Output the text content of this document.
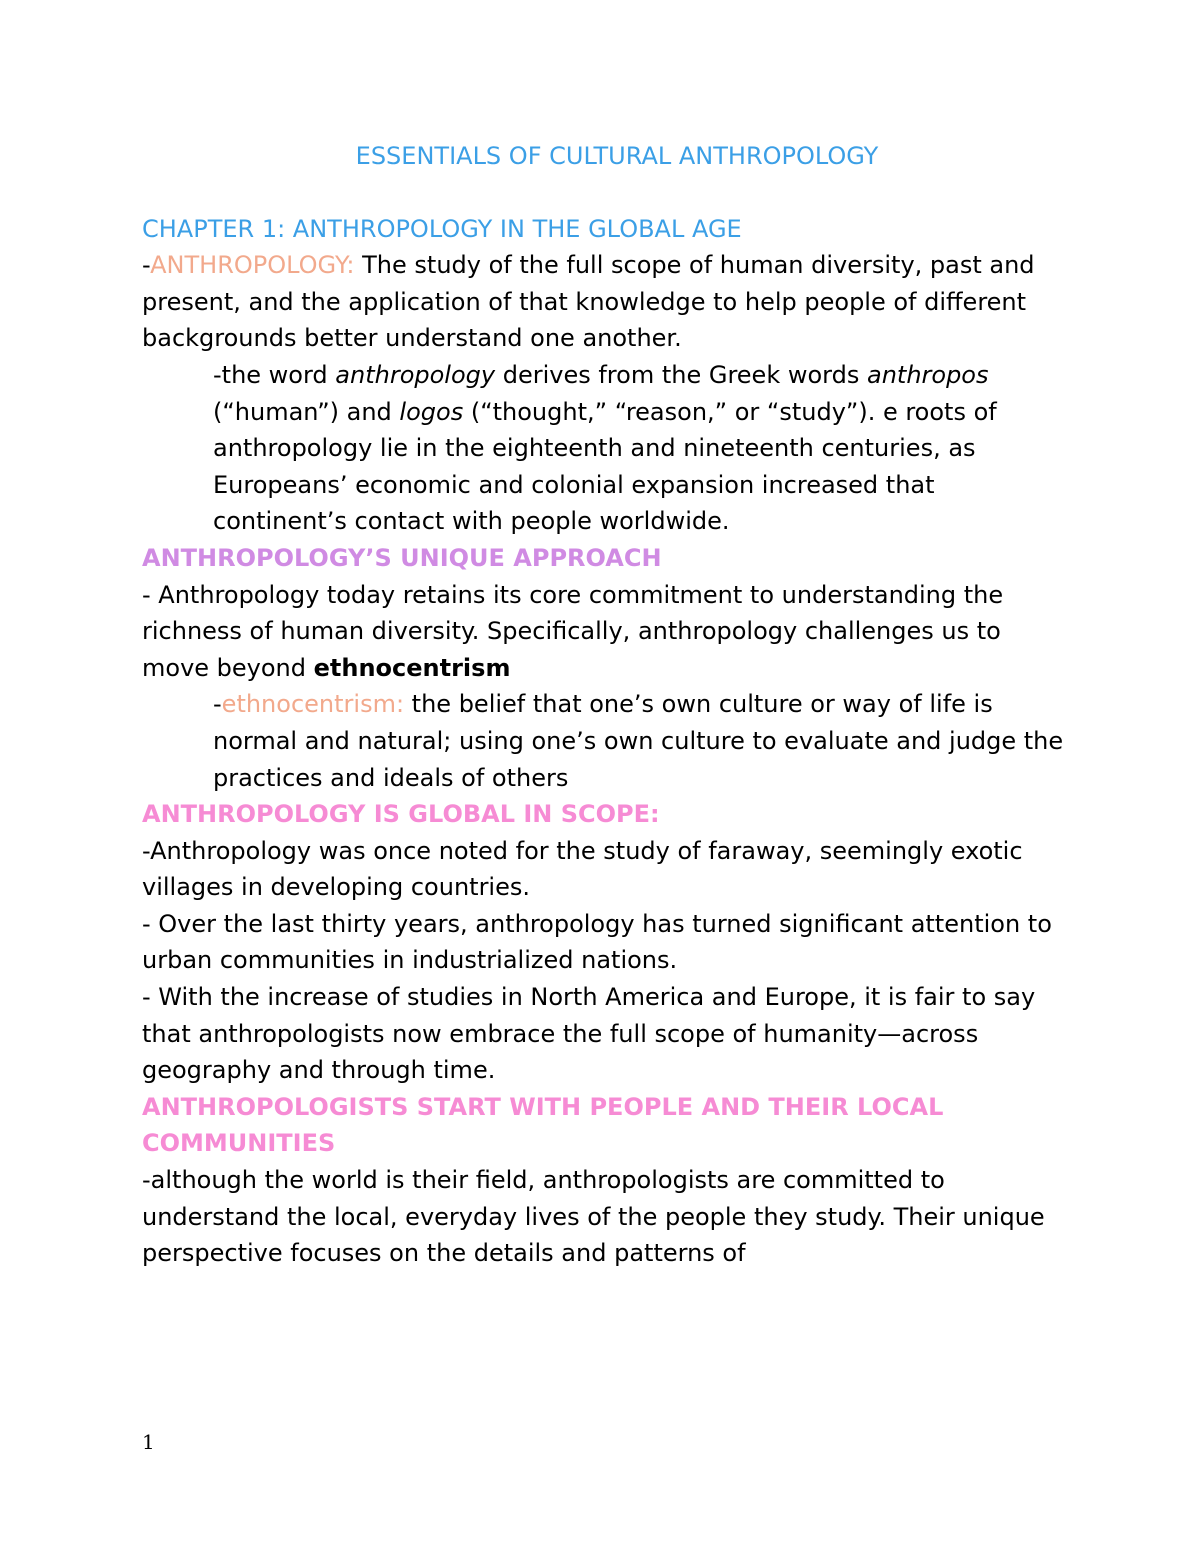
ESSENTIALS OF CULTURAL ANTHROPOLOGY

CHAPTER 1: ANTHROPOLOGY IN THE GLOBAL AGE

-ANTHROPOLOGY: The study of the full scope of human diversity, past and present, and the application of that knowledge to help people of different backgrounds better understand one another.

-the word anthropology derives from the Greek words anthropos (“human”) and logos (“thought,” “reason,” or “study”). e roots of anthropology lie in the eighteenth and nineteenth centuries, as Europeans’ economic and colonial expansion increased that continent’s contact with people worldwide.

ANTHROPOLOGY’S UNIQUE APPROACH

- Anthropology today retains its core commitment to understanding the richness of human diversity. Specifically, anthropology challenges us to move beyond ethnocentrism

-ethnocentrism: the belief that one’s own culture or way of life is normal and natural; using one’s own culture to evaluate and judge the practices and ideals of others

ANTHROPOLOGY IS GLOBAL IN SCOPE:

-Anthropology was once noted for the study of faraway, seemingly exotic villages in developing countries.

- Over the last thirty years, anthropology has turned significant attention to urban communities in industrialized nations.

- With the increase of studies in North America and Europe, it is fair to say that anthropologists now embrace the full scope of humanity—across geography and through time.

ANTHROPOLOGISTS START WITH PEOPLE AND THEIR LOCAL COMMUNITIES

-although the world is their field, anthropologists are committed to understand the local, everyday lives of the people they study. Their unique perspective focuses on the details and patterns of

1
